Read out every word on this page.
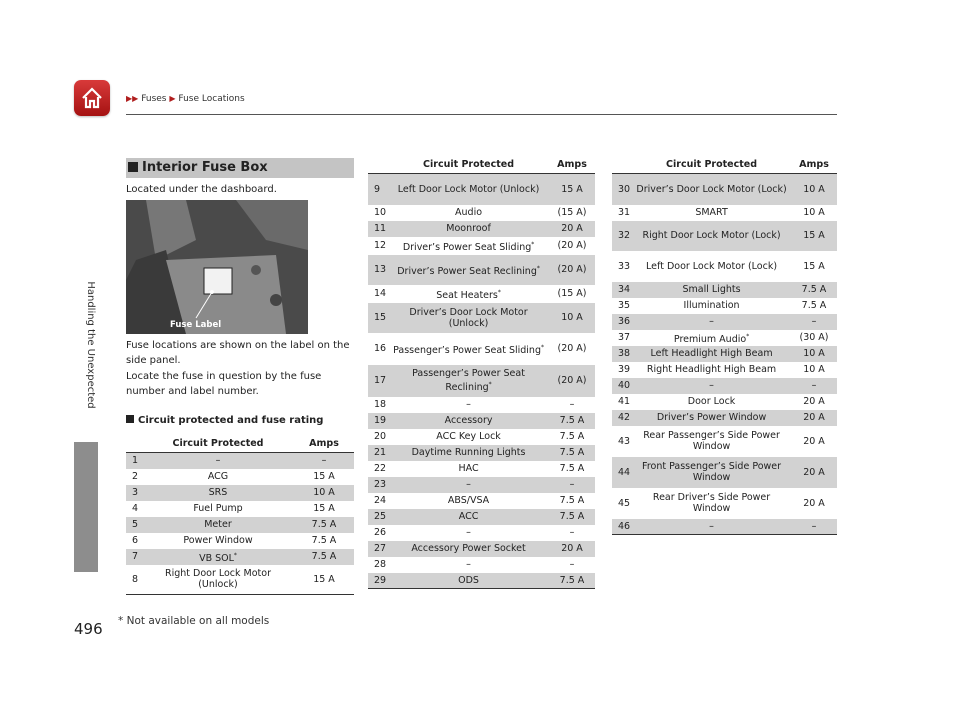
▶▶ Fuses ▶ Fuse Locations
Handling the Unexpected
Interior Fuse Box
Located under the dashboard.
Fuse Label
Fuse locations are shown on the label on the side panel.
Locate the fuse in question by the fuse number and label number.
Circuit protected and fuse rating
	Circuit Protected	Amps
1	–	–
2	ACG	15 A
3	SRS	10 A
4	Fuel Pump	15 A
5	Meter	7.5 A
6	Power Window	7.5 A
7	VB SOL*	7.5 A
8	Right Door Lock Motor (Unlock)	15 A
	Circuit Protected	Amps
9	Left Door Lock Motor (Unlock)	15 A
10	Audio	(15 A)
11	Moonroof	20 A
12	Driver’s Power Seat Sliding*	(20 A)
13	Driver’s Power Seat Reclining*	(20 A)
14	Seat Heaters*	(15 A)
15	Driver’s Door Lock Motor (Unlock)	10 A
16	Passenger’s Power Seat Sliding*	(20 A)
17	Passenger’s Power Seat Reclining*	(20 A)
18	–	–
19	Accessory	7.5 A
20	ACC Key Lock	7.5 A
21	Daytime Running Lights	7.5 A
22	HAC	7.5 A
23	–	–
24	ABS/VSA	7.5 A
25	ACC	7.5 A
26	–	–
27	Accessory Power Socket	20 A
28	–	–
29	ODS	7.5 A
	Circuit Protected	Amps
30	Driver’s Door Lock Motor (Lock)	10 A
31	SMART	10 A
32	Right Door Lock Motor (Lock)	15 A
33	Left Door Lock Motor (Lock)	15 A
34	Small Lights	7.5 A
35	Illumination	7.5 A
36	–	–
37	Premium Audio*	(30 A)
38	Left Headlight High Beam	10 A
39	Right Headlight High Beam	10 A
40	–	–
41	Door Lock	20 A
42	Driver’s Power Window	20 A
43	Rear Passenger’s Side Power Window	20 A
44	Front Passenger’s Side Power Window	20 A
45	Rear Driver’s Side Power Window	20 A
46	–	–
496 * Not available on all models
